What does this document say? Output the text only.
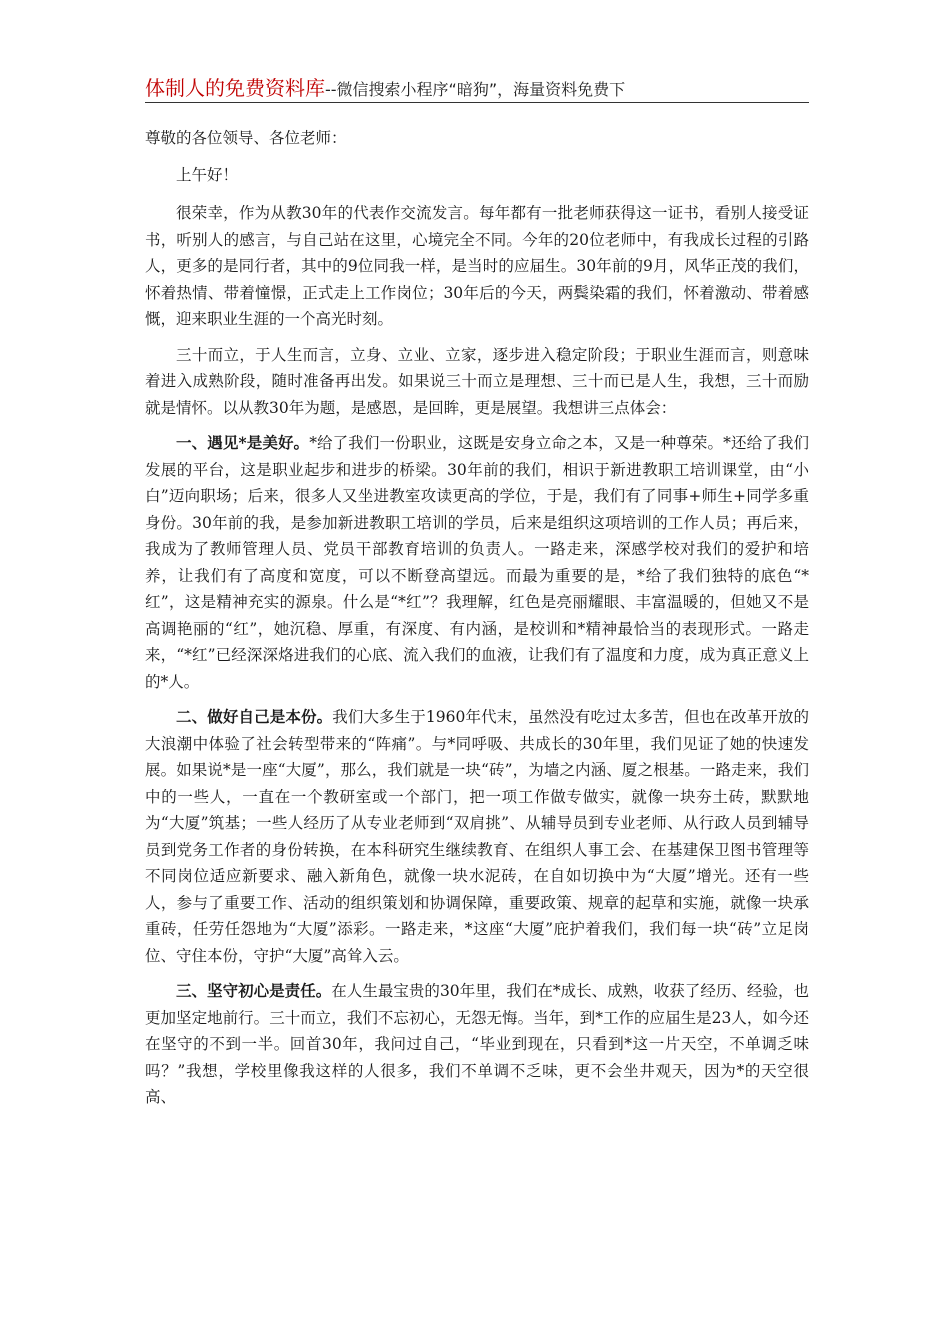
体制人的免费资料库--微信搜索小程序“暗狗”，海量资料免费下

尊敬的各位领导、各位老师：

上午好！

很荣幸，作为从教30年的代表作交流发言。每年都有一批老师获得这一证书，看别人接受证书，听别人的感言，与自己站在这里，心境完全不同。今年的20位老师中，有我成长过程的引路人，更多的是同行者，其中的9位同我一样，是当时的应届生。30年前的9月，风华正茂的我们，怀着热情、带着憧憬，正式走上工作岗位；30年后的今天，两鬓染霜的我们，怀着激动、带着感慨，迎来职业生涯的一个高光时刻。

三十而立，于人生而言，立身、立业、立家，逐步进入稳定阶段；于职业生涯而言，则意味着进入成熟阶段，随时准备再出发。如果说三十而立是理想、三十而已是人生，我想，三十而励就是情怀。以从教30年为题，是感恩，是回眸，更是展望。我想讲三点体会：

一、遇见*是美好。*给了我们一份职业，这既是安身立命之本，又是一种尊荣。*还给了我们发展的平台，这是职业起步和进步的桥梁。30年前的我们，相识于新进教职工培训课堂，由“小白”迈向职场；后来，很多人又坐进教室攻读更高的学位，于是，我们有了同事+师生+同学多重身份。30年前的我，是参加新进教职工培训的学员，后来是组织这项培训的工作人员；再后来，我成为了教师管理人员、党员干部教育培训的负责人。一路走来，深感学校对我们的爱护和培养，让我们有了高度和宽度，可以不断登高望远。而最为重要的是，*给了我们独特的底色“*红”，这是精神充实的源泉。什么是“*红”？我理解，红色是亮丽耀眼、丰富温暖的，但她又不是高调艳丽的“红”，她沉稳、厚重，有深度、有内涵，是校训和*精神最恰当的表现形式。一路走来，“*红”已经深深烙进我们的心底、流入我们的血液，让我们有了温度和力度，成为真正意义上的*人。

二、做好自己是本份。我们大多生于1960年代末，虽然没有吃过太多苦，但也在改革开放的大浪潮中体验了社会转型带来的“阵痛”。与*同呼吸、共成长的30年里，我们见证了她的快速发展。如果说*是一座“大厦”，那么，我们就是一块“砖”，为墙之内涵、厦之根基。一路走来，我们中的一些人，一直在一个教研室或一个部门，把一项工作做专做实，就像一块夯土砖，默默地为“大厦”筑基；一些人经历了从专业老师到“双肩挑”、从辅导员到专业老师、从行政人员到辅导员到党务工作者的身份转换，在本科研究生继续教育、在组织人事工会、在基建保卫图书管理等不同岗位适应新要求、融入新角色，就像一块水泥砖，在自如切换中为“大厦”增光。还有一些人，参与了重要工作、活动的组织策划和协调保障，重要政策、规章的起草和实施，就像一块承重砖，任劳任怨地为“大厦”添彩。一路走来，*这座“大厦”庇护着我们，我们每一块“砖”立足岗位、守住本份，守护“大厦”高耸入云。

三、坚守初心是责任。在人生最宝贵的30年里，我们在*成长、成熟，收获了经历、经验，也更加坚定地前行。三十而立，我们不忘初心，无怨无悔。当年，到*工作的应届生是23人，如今还在坚守的不到一半。回首30年，我问过自己，“毕业到现在，只看到*这一片天空，不单调乏味吗？”我想，学校里像我这样的人很多，我们不单调不乏味，更不会坐井观天，因为*的天空很高、
